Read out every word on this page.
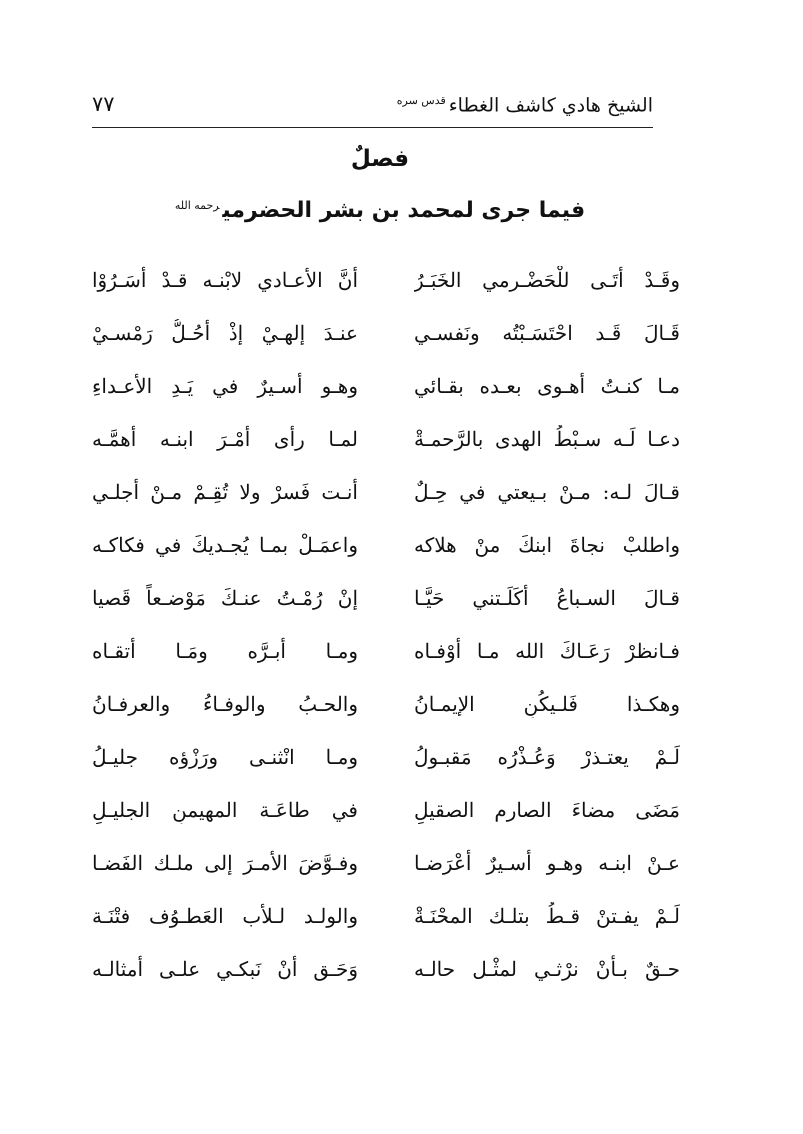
الشيخ هادي كاشف الغطاء$^{قدس سره}$
٧٧
فصلٌ
فيما جرى لمحمد بن بشر الحضرمي$^{رحمه الله}$
وقَـدْ أتَـى للْحَضْـرمي الخَبَـرُ
أنَّ الأعـادي لابْنـه قـدْ أسَـرُوْا
قَـالَ قَـد احْتَسَـبْتُه ونَفسـي
عنـدَ إلهـيْ إذْ أحُـلُّ رَمْسـيْ
مـا كنـتُ أهـوى بعـده بقـائي
وهـو أسـيرٌ في يَـدِ الأعـداءِ
دعـا لَـه سـبْطُ الهدى بالرَّحمـةْ
لمـا رأى أمْـرَ ابنـه أهمَّـه
قـالَ لـه: مـنْ بـيعتي في حِـلٌ
أنـت فَسرْ ولا تُقِـمْ مـنْ أجلـي
واطلبْ نجاةَ ابنكَ منْ هلاكه
واعمَـلْ بمـا يُجـديكَ في فكاكـه
قـالَ السـباعُ أكَلَـتني حَيَّـا
إنْ رُمْـتُ عنـكَ مَوْضـعاً قَصيا
فـانظرْ رَعَـاكَ الله مـا أوْفـاه
ومـا أبـرَّه ومَـا أتقـاه
وهكـذا فَلـيكُنِ الإيمـانُ
والحـبُ والوفـاءُ والعرفـانُ
لَـمْ يعتـذرْ وَعُـذْرُه مَقبـولُ
ومـا انْثنـى ورَزْؤه جليـلُ
مَضَى مضاءَ الصارم الصقيلِ
في طاعَـة المهيمنِ الجليـلِ
عـنْ ابنـه وهـو أسـيرٌ أعْرَضـا
وفـوَّضَ الأمـرَ إلى ملـك الفَضـا
لَـمْ يفـتنْ قـطُ بتلـك المحْنَـةْ
والولـد لـلأب العَطـوُف فتْنَـة
حـقٌ بـأنْ نرْثـي لمثْـل حالـه
وَحَـق أنْ نَبكـي علـى أمثالـه
